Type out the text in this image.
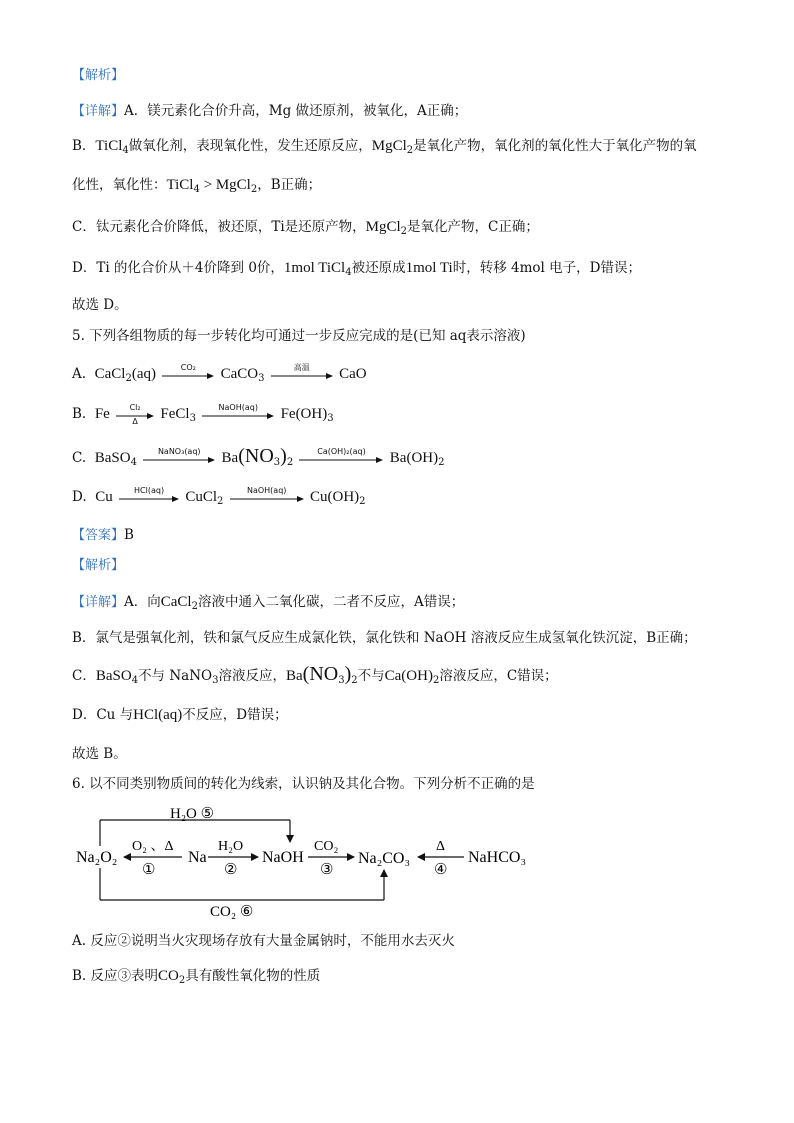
【解析】
【详解】A．镁元素化合价升高，Mg 做还原剂，被氧化，A正确；
B．TiCl$_4$做氧化剂，表现氧化性，发生还原反应，MgCl$_2$是氧化产物，氧化剂的氧化性大于氧化产物的氧
化性，氧化性：TiCl$_4$ > MgCl$_2$，B正确；
C．钛元素化合价降低，被还原，Ti是还原产物，MgCl$_2$是氧化产物，C正确；
D．Ti 的化合价从＋4价降到 0价，1mol TiCl$_4$被还原成1mol Ti时，转移 4mol 电子，D错误；
故选 D。
5. 下列各组物质的每一步转化均可通过一步反应完成的是(已知 aq表示溶液)
A. CaCl$_2$(aq)	CO₂	CaCO$_3$
高温	CaO
B. Fe	Cl₂
Δ	FeCl$_3$
NaOH(aq)	$Fe(OH)_3$
C. BaSO$_4$
NaNO₃(aq)	$Ba(NO_3)_2$
Ca(OH)₂(aq)	$Ba(OH)_2$
D. Cu	HCl(aq)	CuCl$_2$
NaOH(aq)	$Cu(OH)_2$
【答案】B
【解析】
【详解】A．向CaCl$_2$溶液中通入二氧化碳，二者不反应，A错误；
B．氯气是强氧化剂，铁和氯气反应生成氯化铁，氯化铁和 NaOH 溶液反应生成氢氧化铁沉淀，B正确；
C．BaSO$_4$不与 NaNO$_3$溶液反应，$Ba(NO_3)_2$不与$Ca(OH)_2$溶液反应，C错误；
D．Cu 与HCl(aq)不反应，D错误；
故选 B。
6. 以不同类别物质间的转化为线索，认识钠及其化合物。下列分析不正确的是
H₂O ⑤
CO₂ ⑥
Na₂O₂	Na	NaOH	Na₂CO₃	NaHCO₃
O₂ 、Δ
①
H₂O
②
CO₂
③
Δ
④
A. 反应②说明当火灾现场存放有大量金属钠时，不能用水去灭火
B. 反应③表明$CO_2$具有酸性氧化物的性质
